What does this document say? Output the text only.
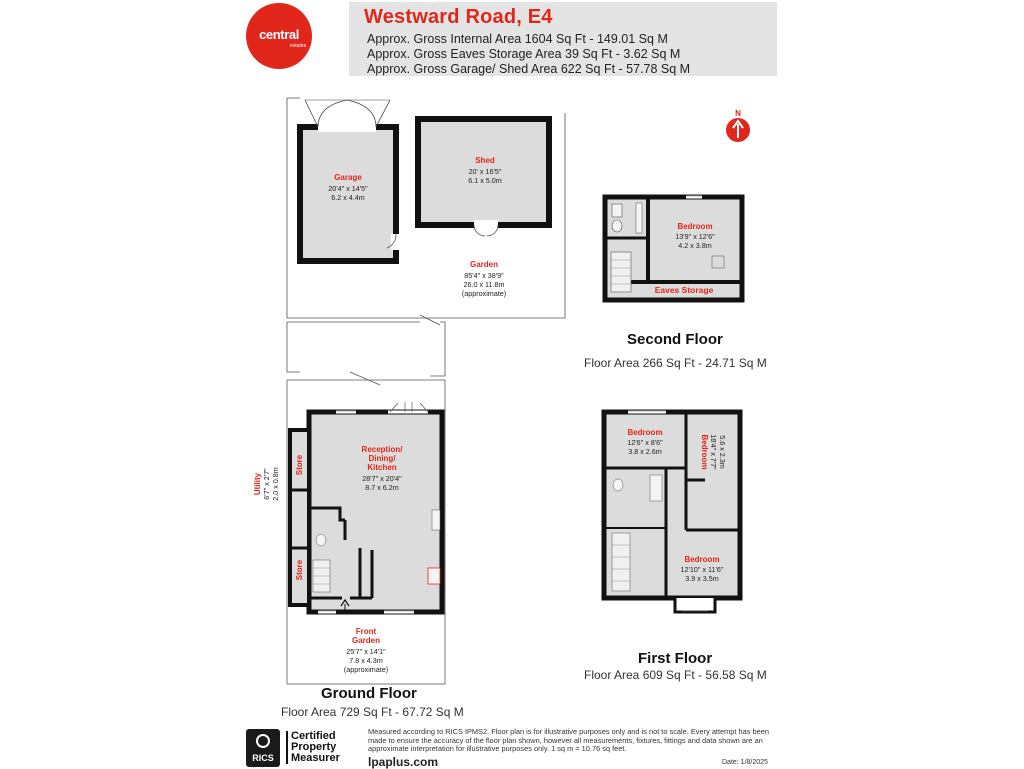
central
estates
Westward Road, E4
Approx. Gross Internal Area 1604 Sq Ft - 149.01 Sq M
Approx. Gross Eaves Storage Area 39 Sq Ft - 3.62 Sq M
Approx. Gross Garage/ Shed Area 622 Sq Ft - 57.78 Sq M
N
Garage
20'4" x 14'5"
6.2 x 4.4m
Shed
20' x 16'5"
6.1 x 5.0m
Garden
85'4" x 38'9"
26.0 x 11.8m
(approximate)
Bedroom
13'9" x 12'6"
4.2 x 3.8m
Eaves Storage
Reception/
Dining/
Kitchen
28'7" x 20'4"
8.7 x 6.2m
Store
Store
Utility 6'7" x 2'7" 2.0 x 0.8m
Front
Garden
25'7" x 14'1"
7.8 x 4.3m
(approximate)
Bedroom
12'6" x 8'6"
3.8 x 2.6m	Bedroom 18'4" x 7'7" 5.6 x 2.3m
Bedroom
12'10" x 11'6"
3.9 x 3.5m
Second Floor
Floor Area 266 Sq Ft - 24.71 Sq M
First Floor
Floor Area 609 Sq Ft - 56.58 Sq M
Ground Floor
Floor Area 729 Sq Ft - 67.72 Sq M
RICS
Certified
Property
Measurer
Measured according to RICS IPMS2. Floor plan is for illustrative purposes only and is not to scale. Every attempt has been made to ensure the accuracy of the floor plan shown, however all measurements, fixtures, fittings and data shown are an approximate interpretation for illustrative purposes only. 1 sq m = 10.76 sq feet.
lpaplus.com	Date: 1/8/2025
